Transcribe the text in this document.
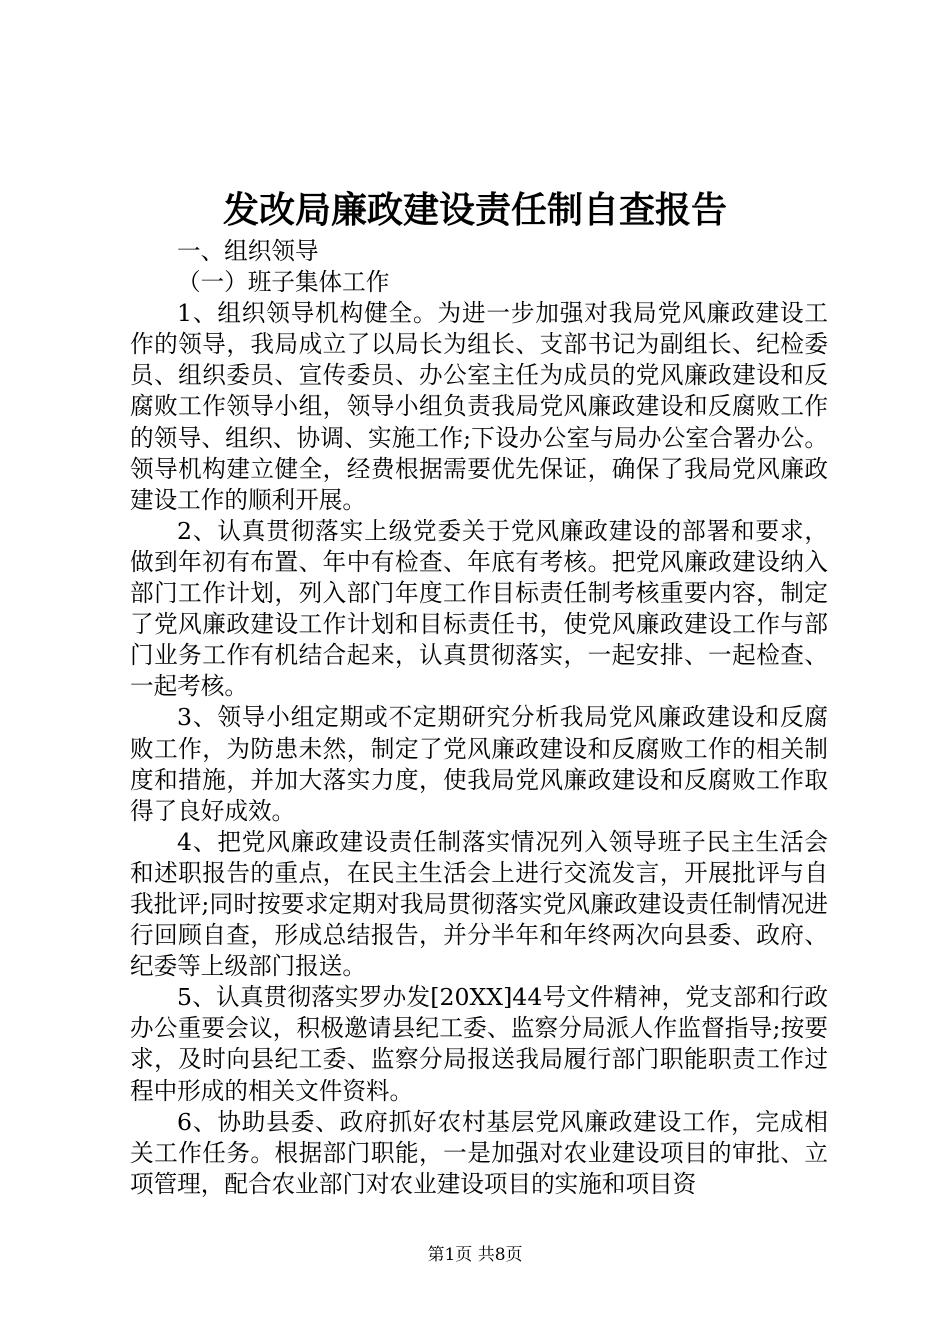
发改局廉政建设责任制自查报告

一、组织领导

（一）班子集体工作

1、组织领导机构健全。为进一步加强对我局党风廉政建设工作的领导，我局成立了以局长为组长、支部书记为副组长、纪检委员、组织委员、宣传委员、办公室主任为成员的党风廉政建设和反腐败工作领导小组，领导小组负责我局党风廉政建设和反腐败工作的领导、组织、协调、实施工作;下设办公室与局办公室合署办公。领导机构建立健全，经费根据需要优先保证，确保了我局党风廉政建设工作的顺利开展。

2、认真贯彻落实上级党委关于党风廉政建设的部署和要求，做到年初有布置、年中有检查、年底有考核。把党风廉政建设纳入部门工作计划，列入部门年度工作目标责任制考核重要内容，制定了党风廉政建设工作计划和目标责任书，使党风廉政建设工作与部门业务工作有机结合起来，认真贯彻落实，一起安排、一起检查、一起考核。

3、领导小组定期或不定期研究分析我局党风廉政建设和反腐败工作，为防患未然，制定了党风廉政建设和反腐败工作的相关制度和措施，并加大落实力度，使我局党风廉政建设和反腐败工作取得了良好成效。

4、把党风廉政建设责任制落实情况列入领导班子民主生活会和述职报告的重点，在民主生活会上进行交流发言，开展批评与自我批评;同时按要求定期对我局贯彻落实党风廉政建设责任制情况进行回顾自查，形成总结报告，并分半年和年终两次向县委、政府、纪委等上级部门报送。

5、认真贯彻落实罗办发[20XX]44号文件精神，党支部和行政办公重要会议，积极邀请县纪工委、监察分局派人作监督指导;按要求，及时向县纪工委、监察分局报送我局履行部门职能职责工作过程中形成的相关文件资料。

6、协助县委、政府抓好农村基层党风廉政建设工作，完成相关工作任务。根据部门职能，一是加强对农业建设项目的审批、立项管理，配合农业部门对农业建设项目的实施和项目资

第1页 共8页
